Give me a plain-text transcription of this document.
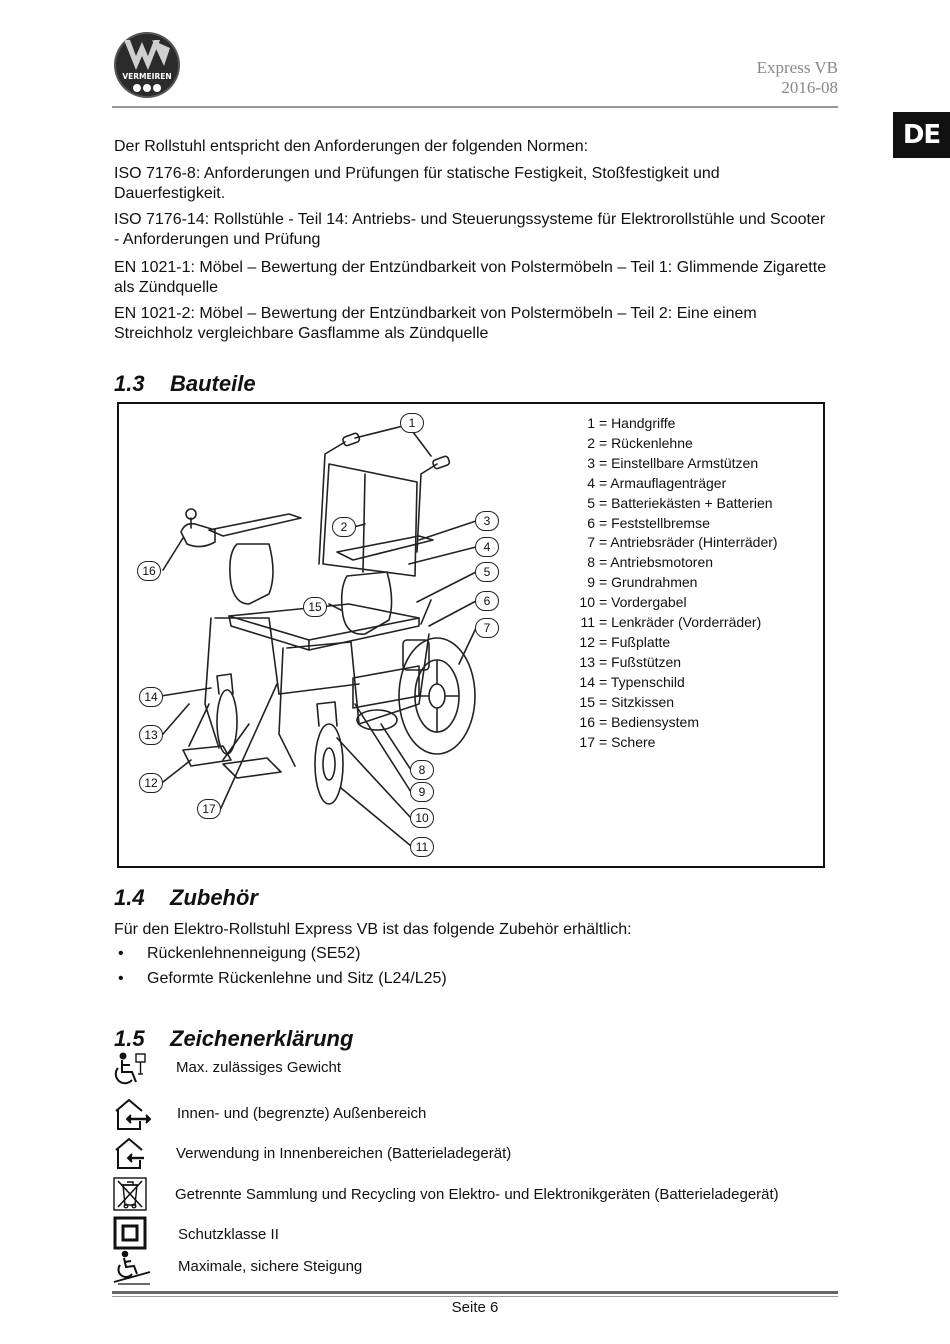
VERMEIREN	Express VB
2016-08
DE
Der Rollstuhl entspricht den Anforderungen der folgenden Normen:
ISO 7176-8: Anforderungen und Prüfungen für statische Festigkeit, Stoßfestigkeit und Dauerfestigkeit.
ISO 7176-14: Rollstühle - Teil 14: Antriebs- und Steuerungssysteme für Elektrorollstühle und Scooter - Anforderungen und Prüfung
EN 1021-1: Möbel – Bewertung der Entzündbarkeit von Polstermöbeln – Teil 1: Glimmende Zigarette als Zündquelle
EN 1021-2: Möbel – Bewertung der Entzündbarkeit von Polstermöbeln – Teil 2: Eine einem Streichholz vergleichbare Gasflamme als Zündquelle
1.3 Bauteile
1
2	3
4
5
6
7
8
9
10
11
12
13
14
15
16
17
1 = Handgriffe
2 = Rückenlehne
3 = Einstellbare Armstützen
4 = Armauflagenträger
5 = Batteriekästen + Batterien
6 = Feststellbremse
7 = Antriebsräder (Hinterräder)
8 = Antriebsmotoren
9 = Grundrahmen
10 = Vordergabel
11 = Lenkräder (Vorderräder)
12 = Fußplatte
13 = Fußstützen
14 = Typenschild
15 = Sitzkissen
16 = Bediensystem
17 = Schere
1.4 Zubehör
Für den Elektro-Rollstuhl Express VB ist das folgende Zubehör erhältlich:
• Rückenlehnenneigung (SE52)
• Geformte Rückenlehne und Sitz (L24/L25)
1.5 Zeichenerklärung
Max. zulässiges Gewicht
Innen- und (begrenzte) Außenbereich
Verwendung in Innenbereichen (Batterieladegerät)
Getrennte Sammlung und Recycling von Elektro- und Elektronikgeräten (Batterieladegerät)
Schutzklasse II
Maximale, sichere Steigung
Seite 6
